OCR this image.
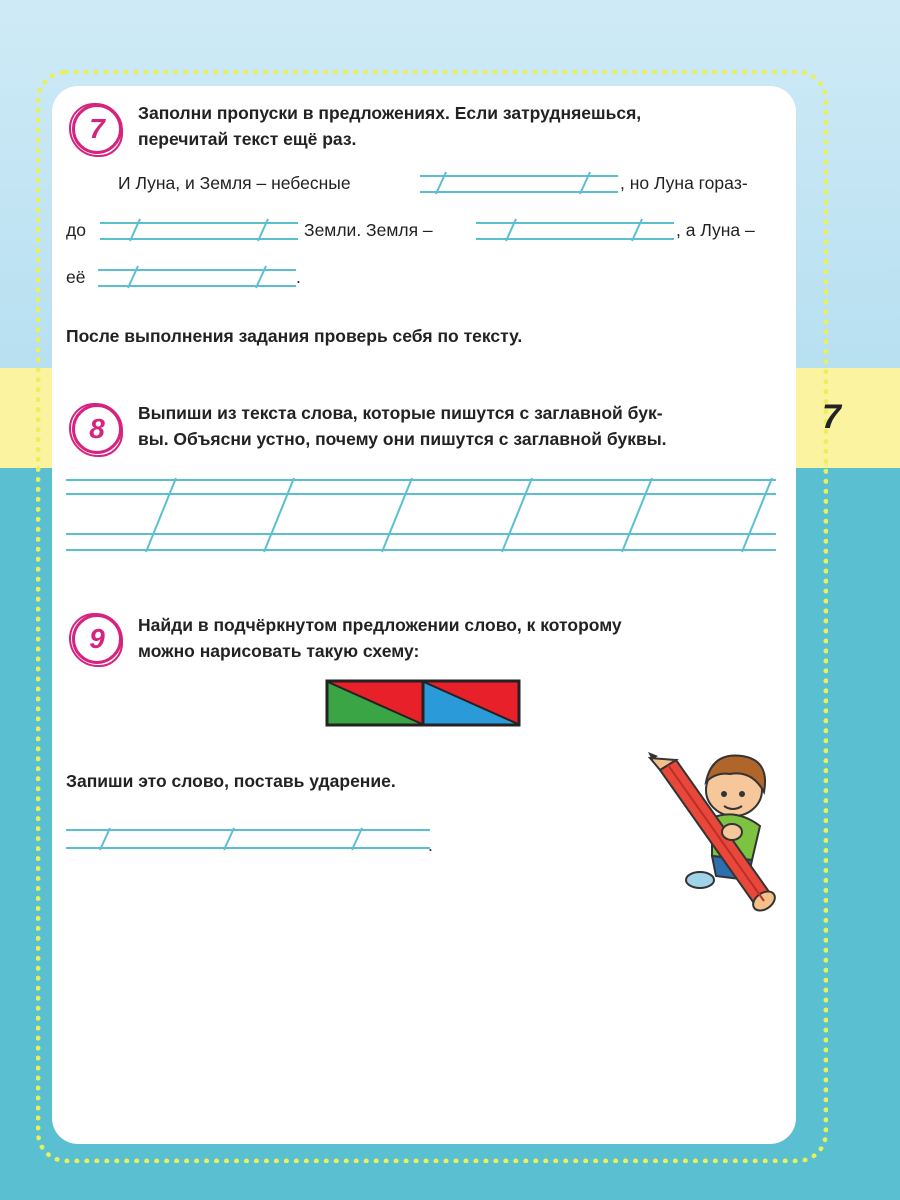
7
7	Заполни пропуски в предложениях. Если затрудняешься,
перечитай текст ещё раз.
И Луна, и Земля – небесные	, но Луна горaз-
до	Земли. Земля –	, а Луна –
её	.
После выполнения задания проверь себя по тексту.
8	Выпиши из текста слова, которые пишутся с заглавной бук-
вы. Объясни устно, почему они пишутся с заглавной буквы.
9	Найди в подчёркнутом предложении слово, к которому
можно нарисовать такую схему:
Запиши это слово, поставь ударение.
.
